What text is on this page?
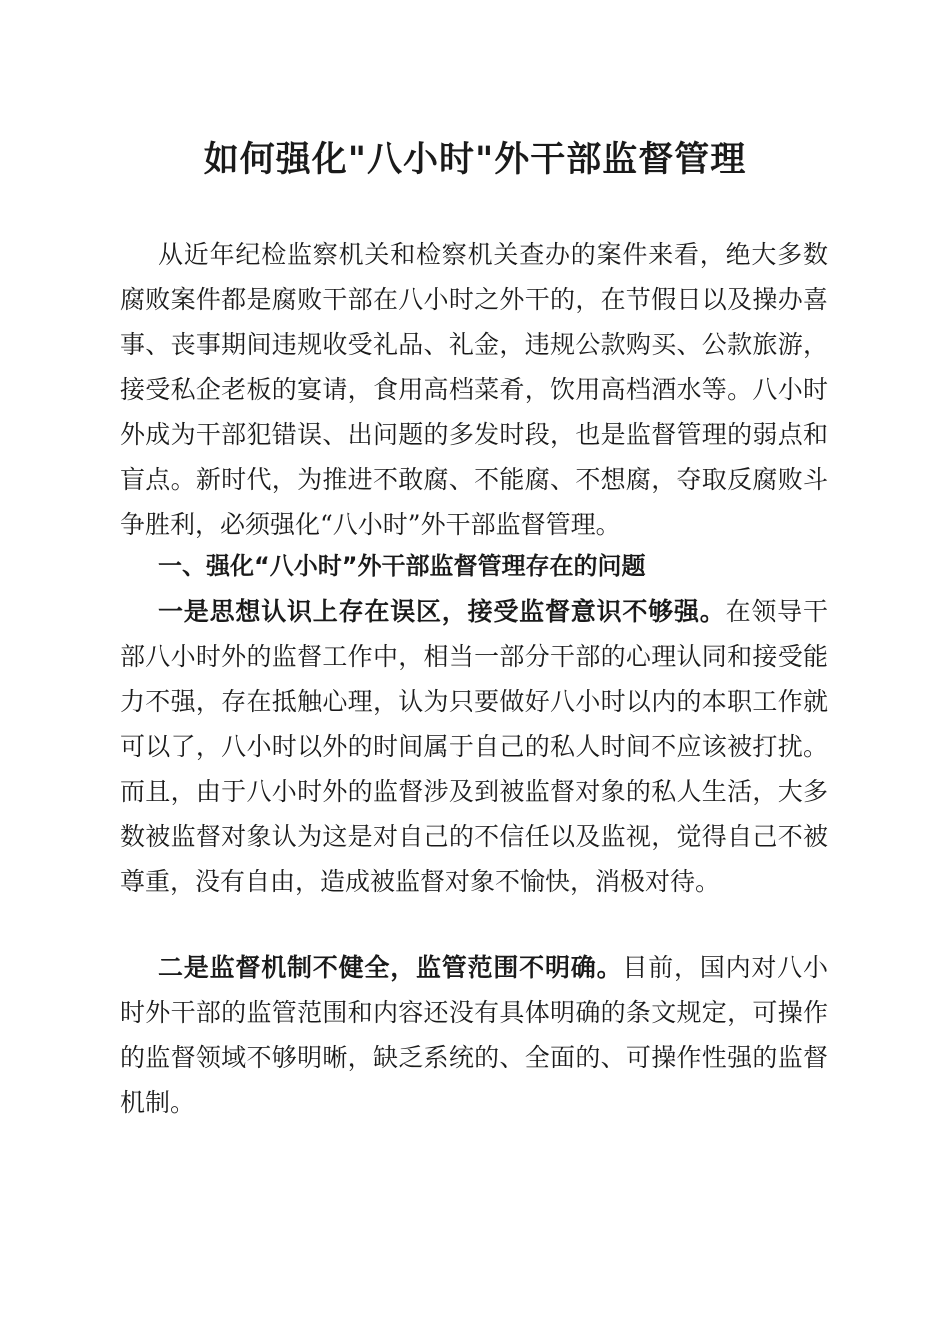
如何强化"八小时"外干部监督管理

从近年纪检监察机关和检察机关查办的案件来看，绝大多数腐败案件都是腐败干部在八小时之外干的，在节假日以及操办喜事、丧事期间违规收受礼品、礼金，违规公款购买、公款旅游，接受私企老板的宴请，食用高档菜肴，饮用高档酒水等。八小时外成为干部犯错误、出问题的多发时段，也是监督管理的弱点和盲点。新时代，为推进不敢腐、不能腐、不想腐，夺取反腐败斗争胜利，必须强化“八小时”外干部监督管理。

一、强化“八小时”外干部监督管理存在的问题

一是思想认识上存在误区，接受监督意识不够强。在领导干部八小时外的监督工作中，相当一部分干部的心理认同和接受能力不强，存在抵触心理，认为只要做好八小时以内的本职工作就可以了，八小时以外的时间属于自己的私人时间不应该被打扰。而且，由于八小时外的监督涉及到被监督对象的私人生活，大多数被监督对象认为这是对自己的不信任以及监视，觉得自己不被尊重，没有自由，造成被监督对象不愉快，消极对待。

二是监督机制不健全，监管范围不明确。目前，国内对八小时外干部的监管范围和内容还没有具体明确的条文规定，可操作的监督领域不够明晰，缺乏系统的、全面的、可操作性强的监督机制。
